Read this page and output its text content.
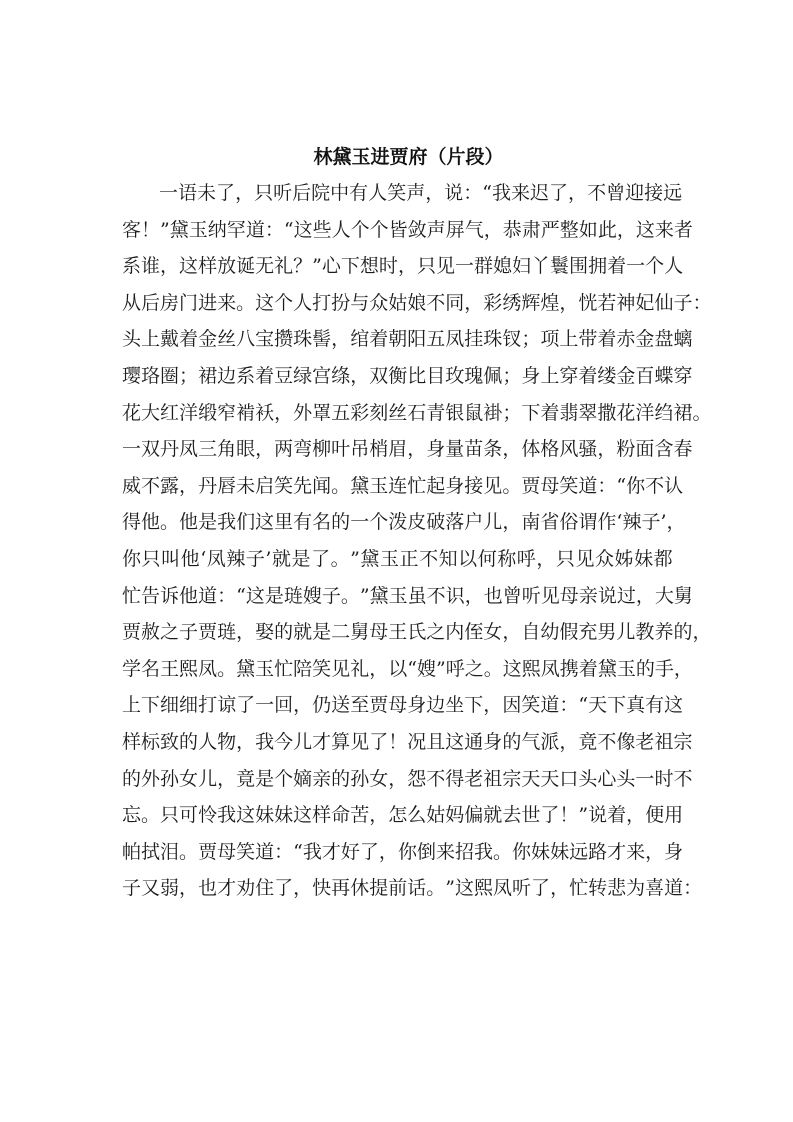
林黛玉进贾府（片段）
一 语 未 了 ， 只 听 后 院 中 有 人 笑 声 ， 说 ： “ 我 来 迟 了 ， 不 曾 迎 接 远
客 ！ ” 黛 玉 纳 罕 道 ： “ 这 些 人 个 个 皆 敛 声 屏 气 ， 恭 肃 严 整 如 此 ， 这 来 者
系 谁 ， 这 样 放 诞 无 礼 ？ ” 心 下 想 时 ， 只 见 一 群 媳 妇 丫 鬟 围 拥 着 一 个 人
从 后 房 门 进 来 。 这 个 人 打 扮 与 众 姑 娘 不 同 ， 彩 绣 辉 煌 ， 恍 若 神 妃 仙 子 ：
头 上 戴 着 金 丝 八 宝 攒 珠 髻 ， 绾 着 朝 阳 五 凤 挂 珠 钗 ； 项 上 带 着 赤 金 盘 螭
璎 珞 圈 ； 裙 边 系 着 豆 绿 宫 绦 ， 双 衡 比 目 玫 瑰 佩 ； 身 上 穿 着 缕 金 百 蝶 穿
花 大 红 洋 缎 窄 褃 袄 ， 外 罩 五 彩 刻 丝 石 青 银 鼠 褂 ； 下 着 翡 翠 撒 花 洋 绉 裙 。
一 双 丹 凤 三 角 眼 ， 两 弯 柳 叶 吊 梢 眉 ， 身 量 苗 条 ， 体 格 风 骚 ， 粉 面 含 春
威 不 露 ， 丹 唇 未 启 笑 先 闻 。 黛 玉 连 忙 起 身 接 见 。 贾 母 笑 道 ： “ 你 不 认
得 他 。 他 是 我 们 这 里 有 名 的 一 个 泼 皮 破 落 户 儿 ， 南 省 俗 谓 作 ‘ 辣 子 ’ ，
你 只 叫 他 ‘ 凤 辣 子 ’ 就 是 了 。 ” 黛 玉 正 不 知 以 何 称 呼 ， 只 见 众 姊 妹 都
忙 告 诉 他 道 ： “ 这 是 琏 嫂 子 。 ” 黛 玉 虽 不 识 ， 也 曾 听 见 母 亲 说 过 ， 大 舅
贾 赦 之 子 贾 琏 ， 娶 的 就 是 二 舅 母 王 氏 之 内 侄 女 ， 自 幼 假 充 男 儿 教 养 的 ，
学 名 王 熙 凤 。 黛 玉 忙 陪 笑 见 礼 ， 以 “ 嫂 ” 呼 之 。 这 熙 凤 携 着 黛 玉 的 手 ，
上 下 细 细 打 谅 了 一 回 ， 仍 送 至 贾 母 身 边 坐 下 ， 因 笑 道 ： “ 天 下 真 有 这
样 标 致 的 人 物 ， 我 今 儿 才 算 见 了 ！ 况 且 这 通 身 的 气 派 ， 竟 不 像 老 祖 宗
的 外 孙 女 儿 ， 竟 是 个 嫡 亲 的 孙 女 ， 怨 不 得 老 祖 宗 天 天 口 头 心 头 一 时 不
忘 。 只 可 怜 我 这 妹 妹 这 样 命 苦 ， 怎 么 姑 妈 偏 就 去 世 了 ！ ” 说 着 ， 便 用
帕 拭 泪 。 贾 母 笑 道 ： “ 我 才 好 了 ， 你 倒 来 招 我 。 你 妹 妹 远 路 才 来 ， 身
子 又 弱 ， 也 才 劝 住 了 ， 快 再 休 提 前 话 。 ” 这 熙 凤 听 了 ， 忙 转 悲 为 喜 道 ：
